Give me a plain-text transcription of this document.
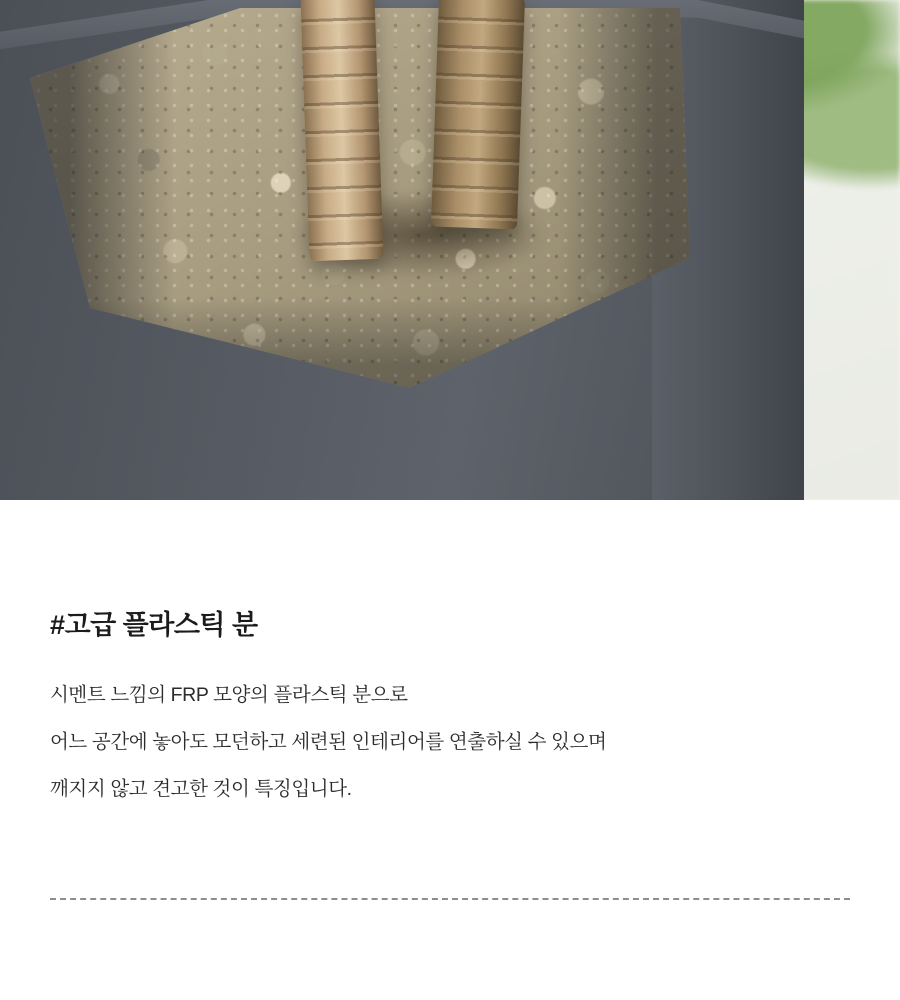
#고급 플라스틱 분
시멘트 느낌의 FRP 모양의 플라스틱 분으로
어느 공간에 놓아도 모던하고 세련된 인테리어를 연출하실 수 있으며
깨지지 않고 견고한 것이 특징입니다.
